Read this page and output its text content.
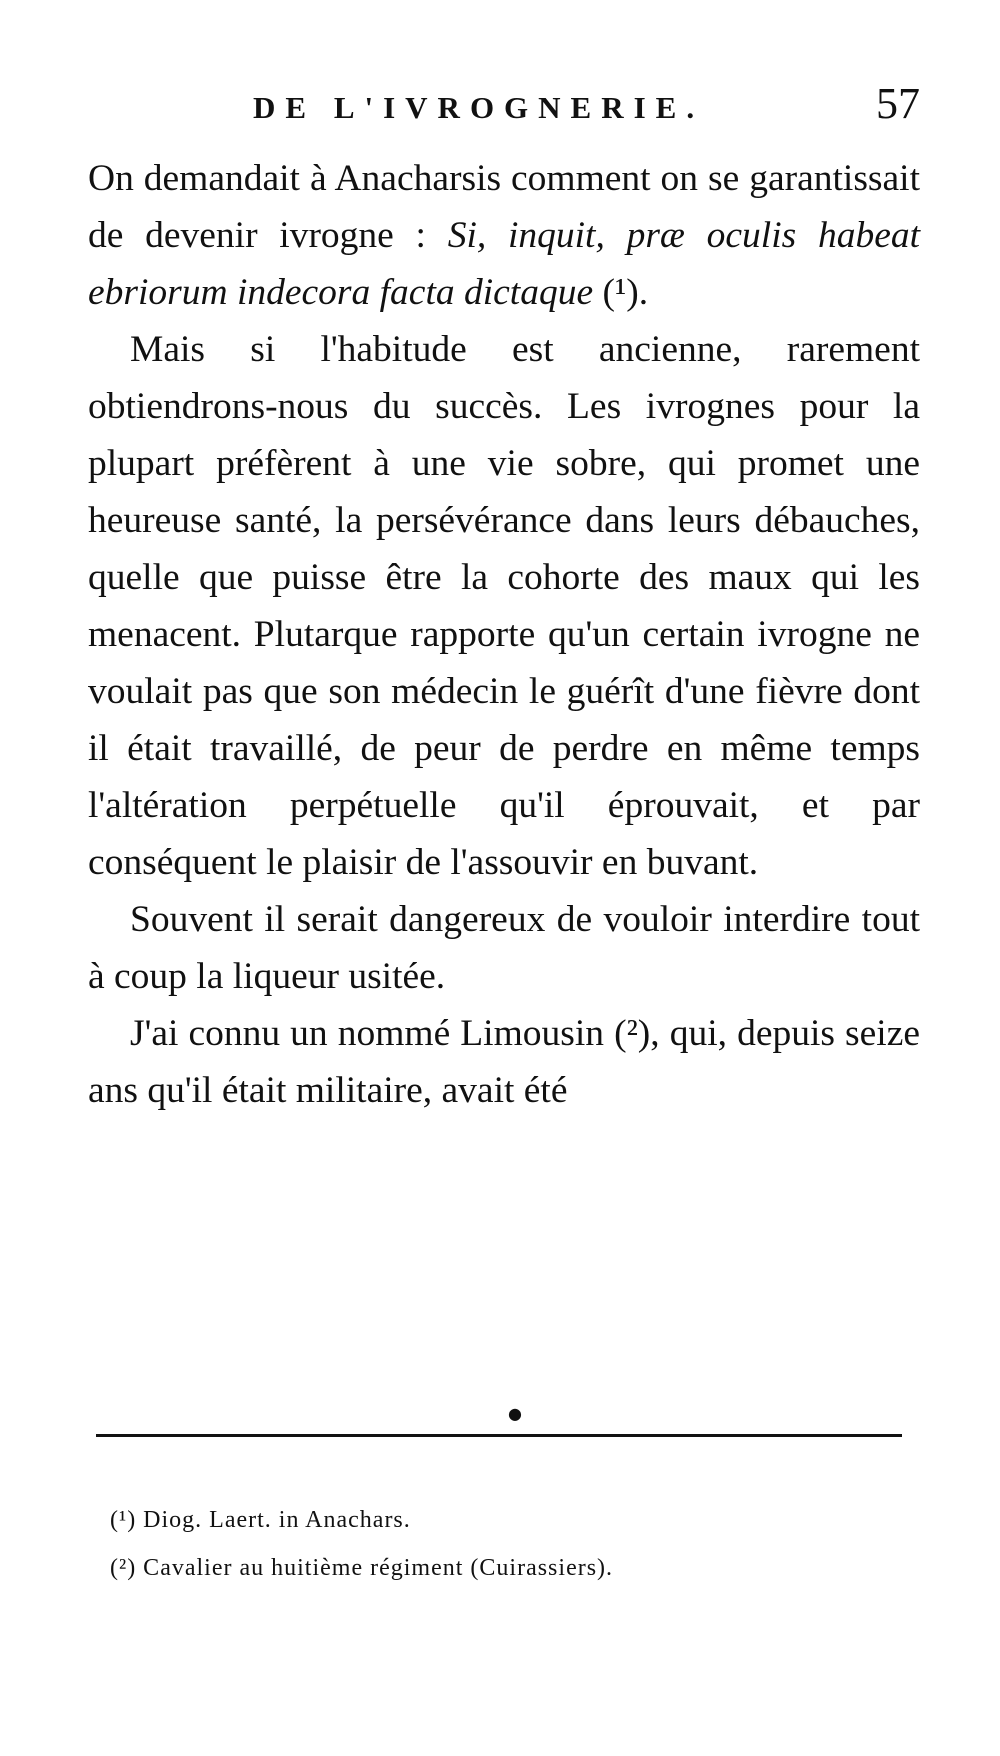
DE L'IVROGNERIE.	57

On demandait à Anacharsis comment on se garantissait de devenir ivrogne : Si, inquit, præ oculis habeat ebriorum indecora facta dictaque (¹).

Mais si l'habitude est ancienne, rarement obtiendrons-nous du succès. Les ivrognes pour la plupart préfèrent à une vie sobre, qui promet une heureuse santé, la persévérance dans leurs débauches, quelle que puisse être la cohorte des maux qui les menacent. Plutarque rapporte qu'un certain ivrogne ne voulait pas que son médecin le guérît d'une fièvre dont il était travaillé, de peur de perdre en même temps l'altération perpétuelle qu'il éprouvait, et par conséquent le plaisir de l'assouvir en buvant.

Souvent il serait dangereux de vouloir interdire tout à coup la liqueur usitée.

J'ai connu un nommé Limousin (²), qui, depuis seize ans qu'il était militaire, avait été

●

(¹) Diog. Laert. in Anachars.

(²) Cavalier au huitième régiment (Cuirassiers).
